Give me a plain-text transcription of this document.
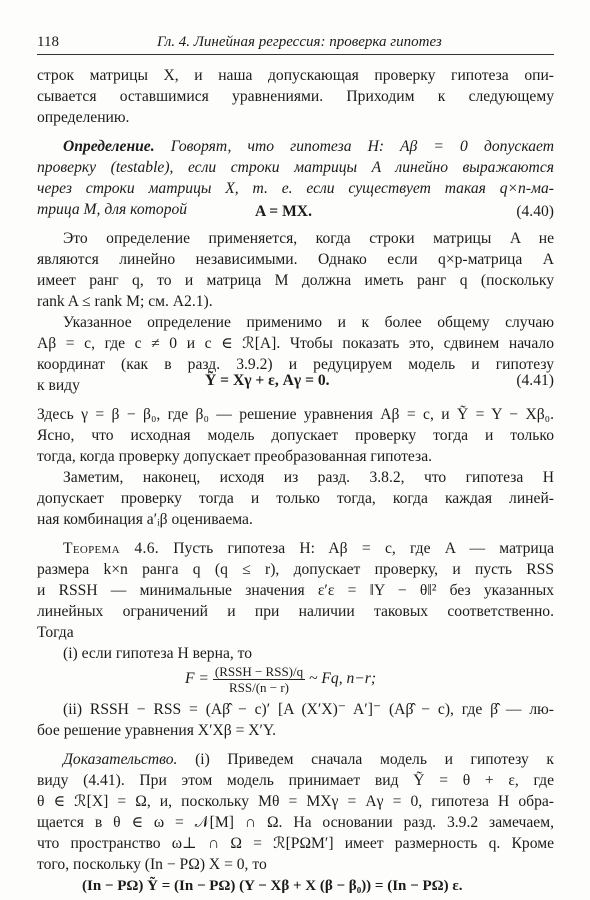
118	Гл. 4. Линейная регрессия: проверка гипотез
строк матрицы X, и наша допускающая проверку гипотеза опи-
сывается оставшимися уравнениями. Приходим к следующему
определению.
Определение. Говорят, что гипотеза H: Aβ = 0 допускает
проверку (testable), если строки матрицы A линейно выражаются
через строки матрицы X, т. е. если существует такая q×n-ма-
трица M, для которой	A = MX.	(4.40)
Это определение применяется, когда строки матрицы A не
являются линейно независимыми. Однако если q×p-матрица A
имеет ранг q, то и матрица M должна иметь ранг q (поскольку
rank A ≤ rank M; см. A2.1).
Указанное определение применимо и к более общему случаю
Aβ = c, где c ≠ 0 и c ∈ ℛ[A]. Чтобы показать это, сдвинем начало
координат (как в разд. 3.9.2) и редуцируем модель и гипотезу
к виду	Ỹ = Xγ + ε, Aγ = 0.	(4.41)
Здесь γ = β − β₀, где β₀ — решение уравнения Aβ = c, и Ỹ = Y − Xβ₀.
Ясно, что исходная модель допускает проверку тогда и только
тогда, когда проверку допускает преобразованная гипотеза.
Заметим, наконец, исходя из разд. 3.8.2, что гипотеза H
допускает проверку тогда и только тогда, когда каждая линей-
ная комбинация a′ᵢβ оцениваема.
Теорема 4.6. Пусть гипотеза H: Aβ = c, где A — матрица
размера k×n ранга q (q ≤ r), допускает проверку, и пусть RSS
и RSSH — минимальные значения ε′ε = ‖Y − θ‖² без указанных
линейных ограничений и при наличии таковых соответственно.
Тогда
(i) если гипотеза H верна, то
$F = \frac{\text{(RSSH − RSS)/q}}{\text{RSS/(n − r)}}$ ~ Fq, n−r;
(ii) RSSH − RSS = (Aβ̂ − c)′ [A (X′X)⁻ A′]⁻ (Aβ̂ − c), где β̂ — лю-
бое решение уравнения X′Xβ = X′Y.
Доказательство. (i) Приведем сначала модель и гипотезу к
виду (4.41). При этом модель принимает вид Ỹ = θ + ε, где
θ ∈ ℛ[X] = Ω, и, поскольку Mθ = MXγ = Aγ = 0, гипотеза H обра-
щается в θ ∈ ω = 𝒩[M] ∩ Ω. На основании разд. 3.9.2 замечаем,
что пространство ω⊥ ∩ Ω = ℛ[PΩM′] имеет размерность q. Кроме
того, поскольку (In − PΩ) X = 0, то
(In − PΩ) Ỹ = (In − PΩ) (Y − Xβ + X (β − β₀)) = (In − PΩ) ε.
